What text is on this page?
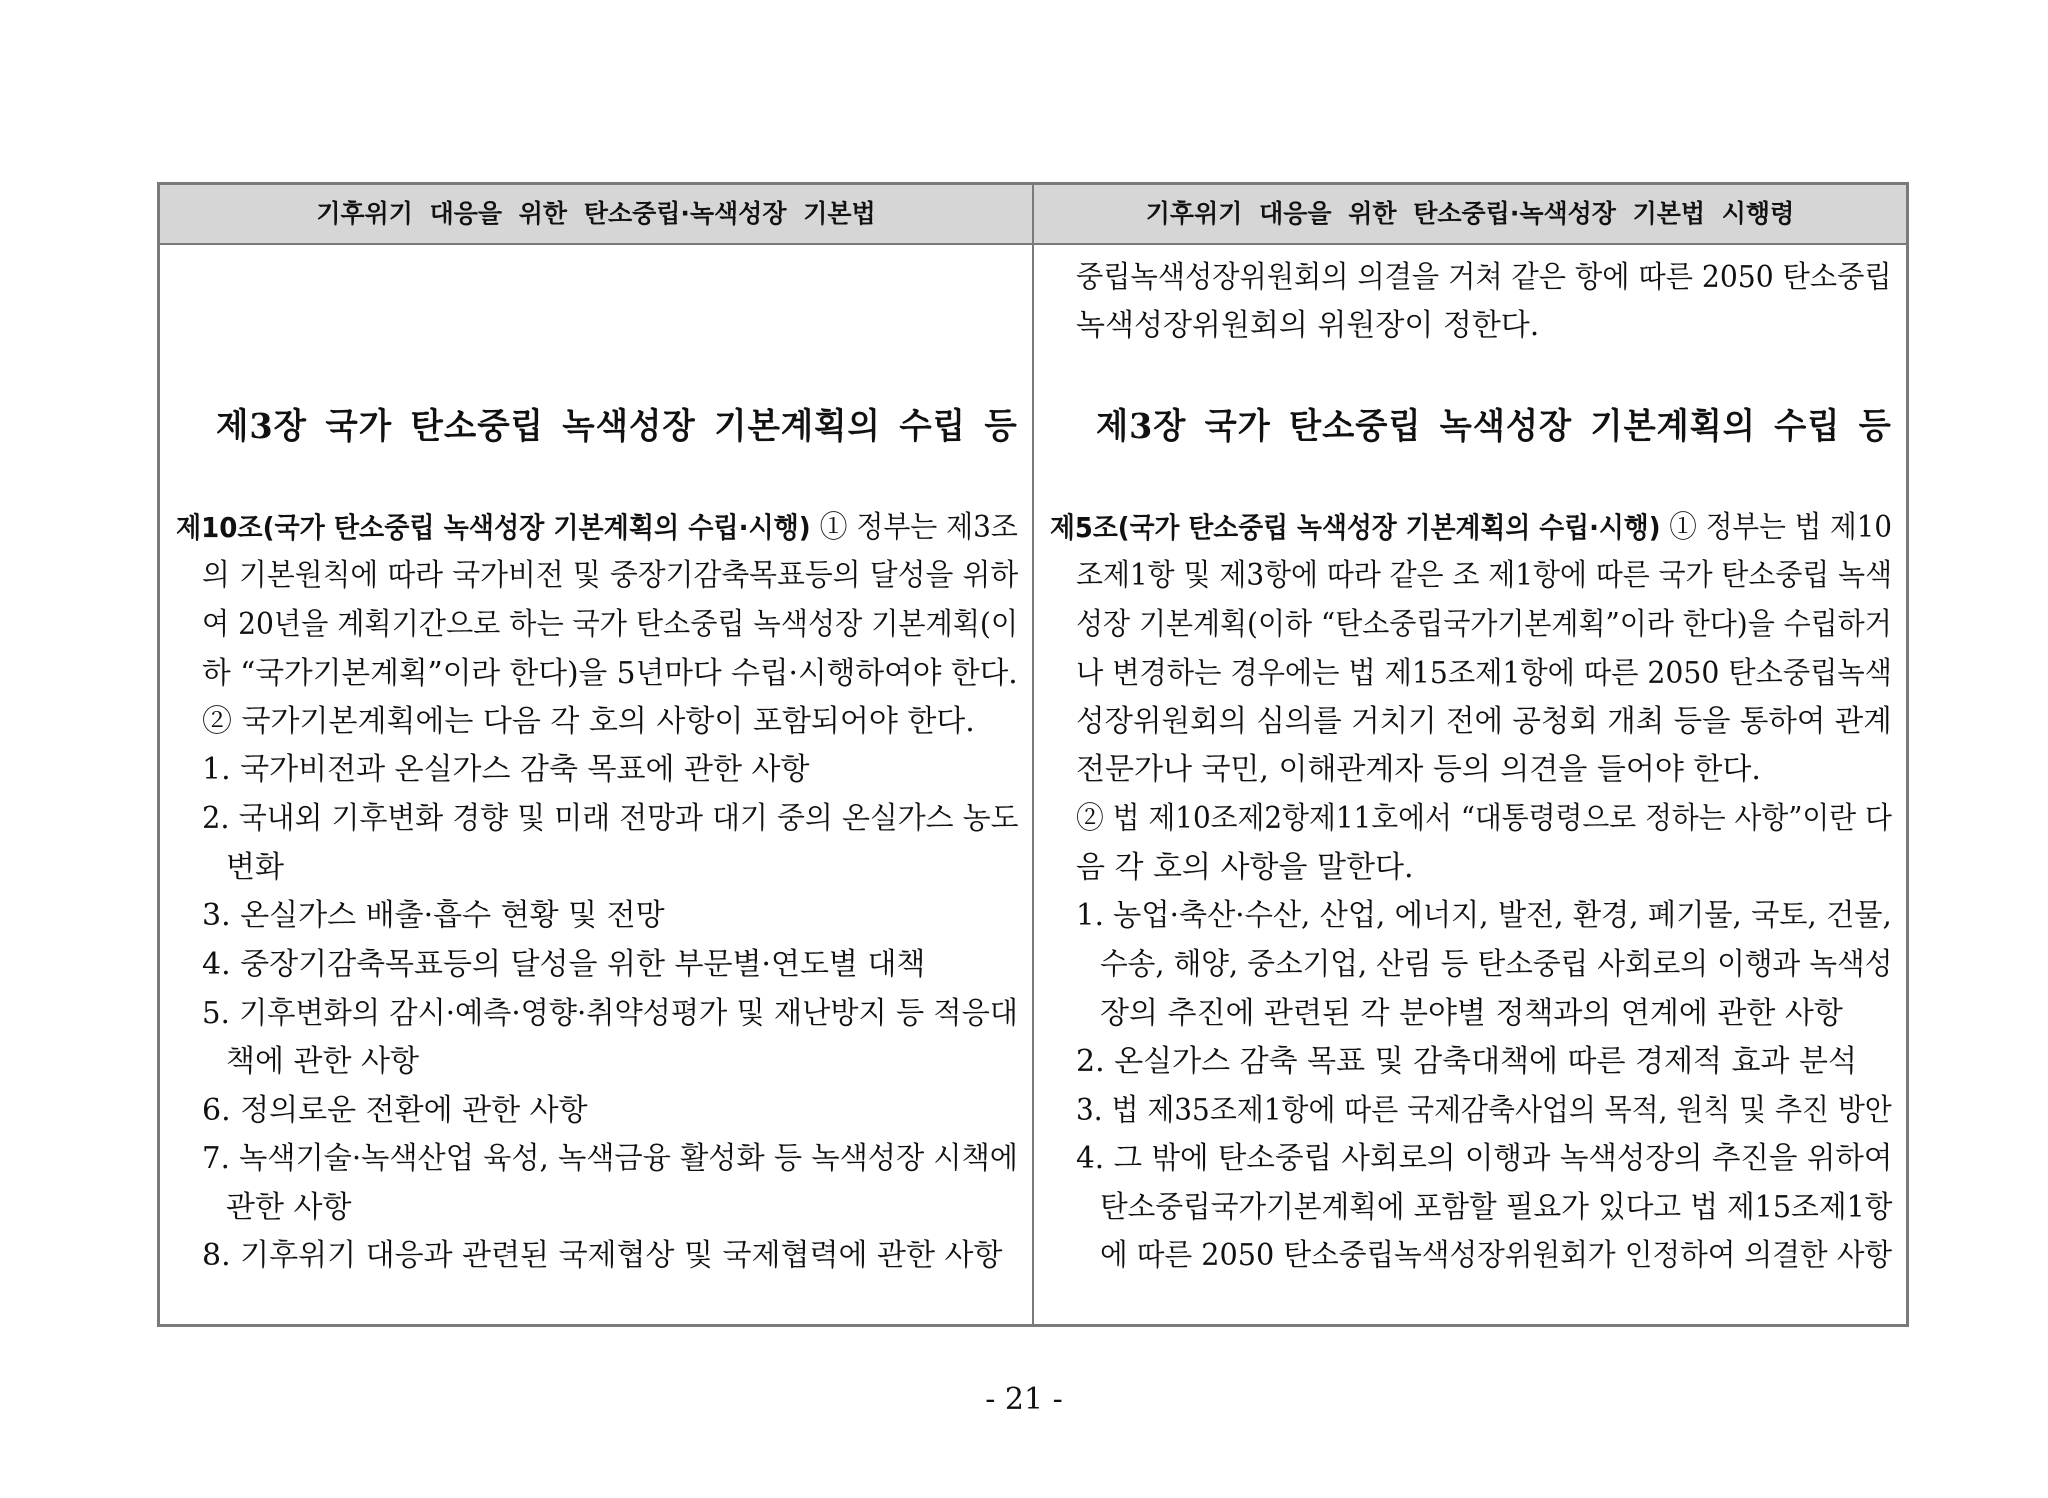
기후위기 대응을 위한 탄소중립·녹색성장 기본법	기후위기 대응을 위한 탄소중립·녹색성장 기본법 시행령
제3장 국가 탄소중립 녹색성장 기본계획의 수립 등
제10조(국가 탄소중립 녹색성장 기본계획의 수립·시행) ① 정부는 제3조
의 기본원칙에 따라 국가비전 및 중장기감축목표등의 달성을 위하
여 20년을 계획기간으로 하는 국가 탄소중립 녹색성장 기본계획(이
하 “국가기본계획”이라 한다)을 5년마다 수립·시행하여야 한다.
② 국가기본계획에는 다음 각 호의 사항이 포함되어야 한다.
1. 국가비전과 온실가스 감축 목표에 관한 사항
2. 국내외 기후변화 경향 및 미래 전망과 대기 중의 온실가스 농도
변화
3. 온실가스 배출·흡수 현황 및 전망
4. 중장기감축목표등의 달성을 위한 부문별·연도별 대책
5. 기후변화의 감시·예측·영향·취약성평가 및 재난방지 등 적응대
책에 관한 사항
6. 정의로운 전환에 관한 사항
7. 녹색기술·녹색산업 육성, 녹색금융 활성화 등 녹색성장 시책에
관한 사항
8. 기후위기 대응과 관련된 국제협상 및 국제협력에 관한 사항
중립녹색성장위원회의 의결을 거쳐 같은 항에 따른 2050 탄소중립
녹색성장위원회의 위원장이 정한다.
제3장 국가 탄소중립 녹색성장 기본계획의 수립 등
제5조(국가 탄소중립 녹색성장 기본계획의 수립·시행) ① 정부는 법 제10
조제1항 및 제3항에 따라 같은 조 제1항에 따른 국가 탄소중립 녹색
성장 기본계획(이하 “탄소중립국가기본계획”이라 한다)을 수립하거
나 변경하는 경우에는 법 제15조제1항에 따른 2050 탄소중립녹색
성장위원회의 심의를 거치기 전에 공청회 개최 등을 통하여 관계
전문가나 국민, 이해관계자 등의 의견을 들어야 한다.
② 법 제10조제2항제11호에서 “대통령령으로 정하는 사항”이란 다
음 각 호의 사항을 말한다.
1. 농업·축산·수산, 산업, 에너지, 발전, 환경, 폐기물, 국토, 건물,
수송, 해양, 중소기업, 산림 등 탄소중립 사회로의 이행과 녹색성
장의 추진에 관련된 각 분야별 정책과의 연계에 관한 사항
2. 온실가스 감축 목표 및 감축대책에 따른 경제적 효과 분석
3. 법 제35조제1항에 따른 국제감축사업의 목적, 원칙 및 추진 방안
4. 그 밖에 탄소중립 사회로의 이행과 녹색성장의 추진을 위하여
탄소중립국가기본계획에 포함할 필요가 있다고 법 제15조제1항
에 따른 2050 탄소중립녹색성장위원회가 인정하여 의결한 사항
- 21 -
